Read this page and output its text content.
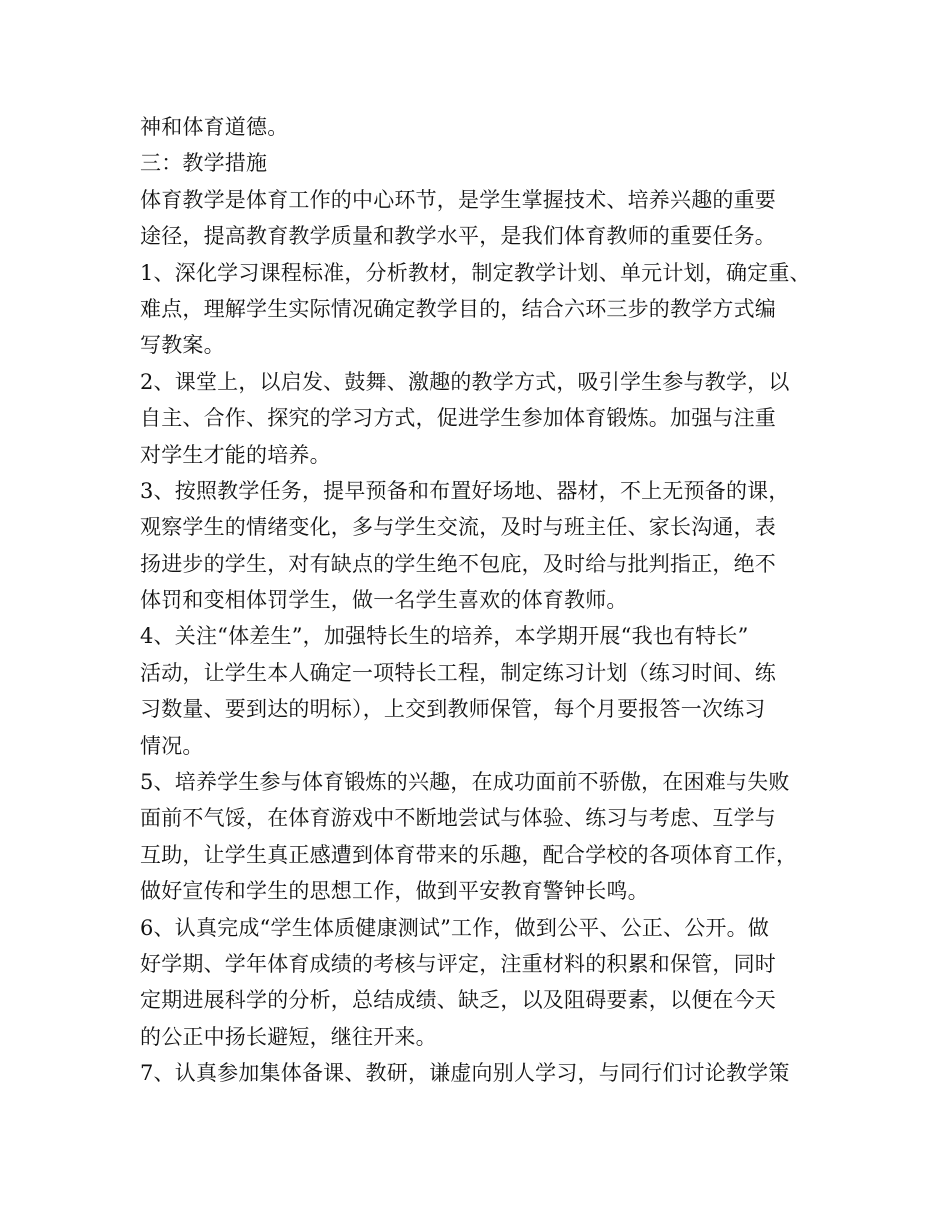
神和体育道德。
三：教学措施
体育教学是体育工作的中心环节，是学生掌握技术、培养兴趣的重要
途径，提高教育教学质量和教学水平，是我们体育教师的重要任务。
1、深化学习课程标准，分析教材，制定教学计划、单元计划，确定重、
难点，理解学生实际情况确定教学目的，结合六环三步的教学方式编
写教案。
2、课堂上，以启发、鼓舞、激趣的教学方式，吸引学生参与教学，以
自主、合作、探究的学习方式，促进学生参加体育锻炼。加强与注重
对学生才能的培养。
3、按照教学任务，提早预备和布置好场地、器材，不上无预备的课，
观察学生的情绪变化，多与学生交流，及时与班主任、家长沟通，表
扬进步的学生，对有缺点的学生绝不包庇，及时给与批判指正，绝不
体罚和变相体罚学生，做一名学生喜欢的体育教师。
4、关注“体差生”，加强特长生的培养，本学期开展“我也有特长”
活动，让学生本人确定一项特长工程，制定练习计划（练习时间、练
习数量、要到达的明标），上交到教师保管，每个月要报答一次练习
情况。
5、培养学生参与体育锻炼的兴趣，在成功面前不骄傲，在困难与失败
面前不气馁，在体育游戏中不断地尝试与体验、练习与考虑、互学与
互助，让学生真正感遭到体育带来的乐趣，配合学校的各项体育工作，
做好宣传和学生的思想工作，做到平安教育警钟长鸣。
6、认真完成“学生体质健康测试”工作，做到公平、公正、公开。做
好学期、学年体育成绩的考核与评定，注重材料的积累和保管，同时
定期进展科学的分析，总结成绩、缺乏，以及阻碍要素，以便在今天
的公正中扬长避短，继往开来。
7、认真参加集体备课、教研，谦虚向别人学习，与同行们讨论教学策
